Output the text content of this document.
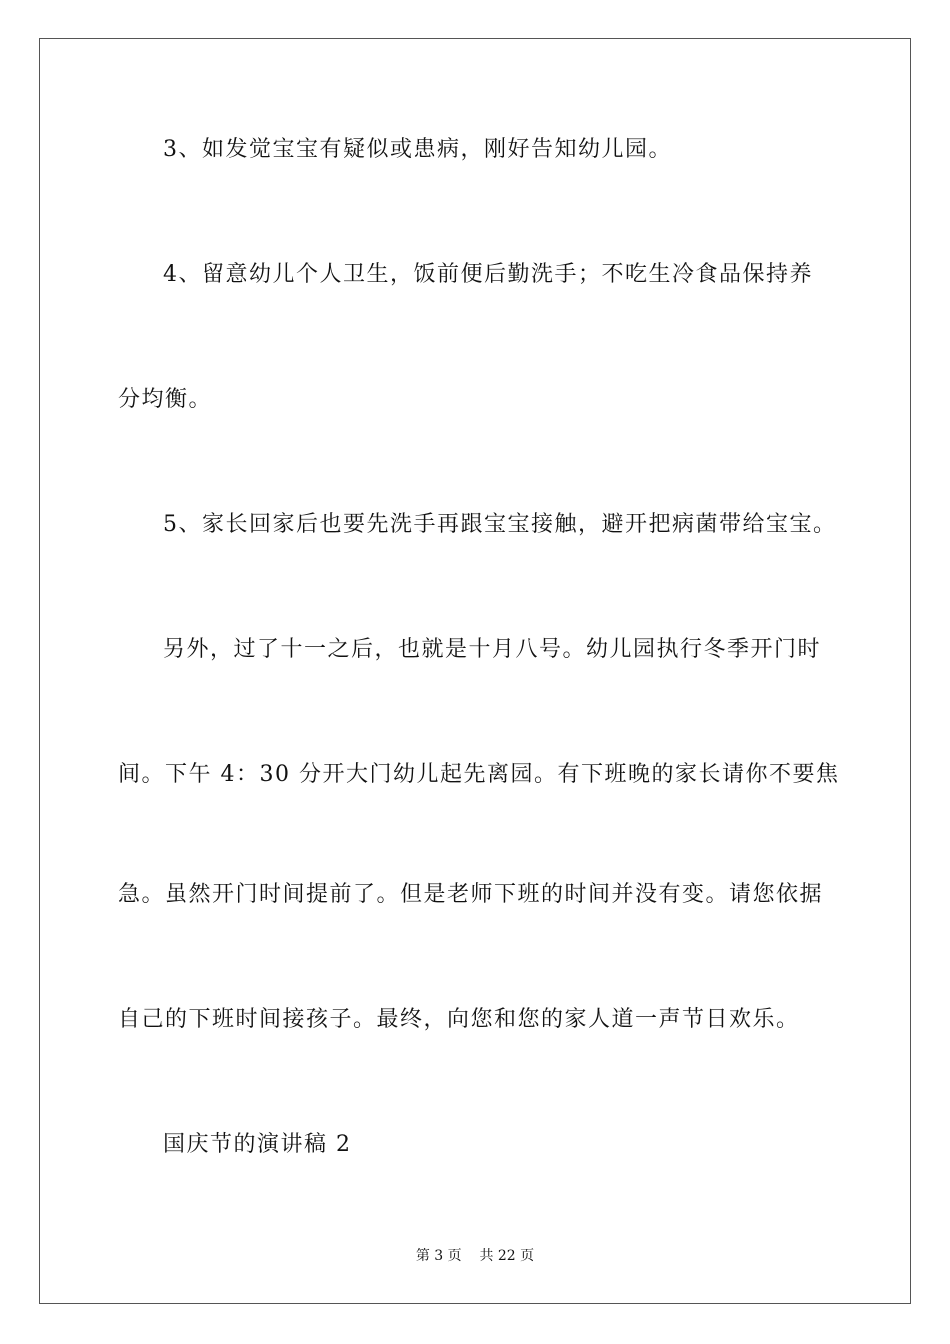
3、如发觉宝宝有疑似或患病，刚好告知幼儿园。
4、留意幼儿个人卫生，饭前便后勤洗手；不吃生冷食品保持养
分均衡。
5、家长回家后也要先洗手再跟宝宝接触，避开把病菌带给宝宝。
另外，过了十一之后，也就是十月八号。幼儿园执行冬季开门时
间。下午 4：30 分开大门幼儿起先离园。有下班晚的家长请你不要焦
急。虽然开门时间提前了。但是老师下班的时间并没有变。请您依据
自己的下班时间接孩子。最终，向您和您的家人道一声节日欢乐。
国庆节的演讲稿 2
第 3 页 共 22 页
